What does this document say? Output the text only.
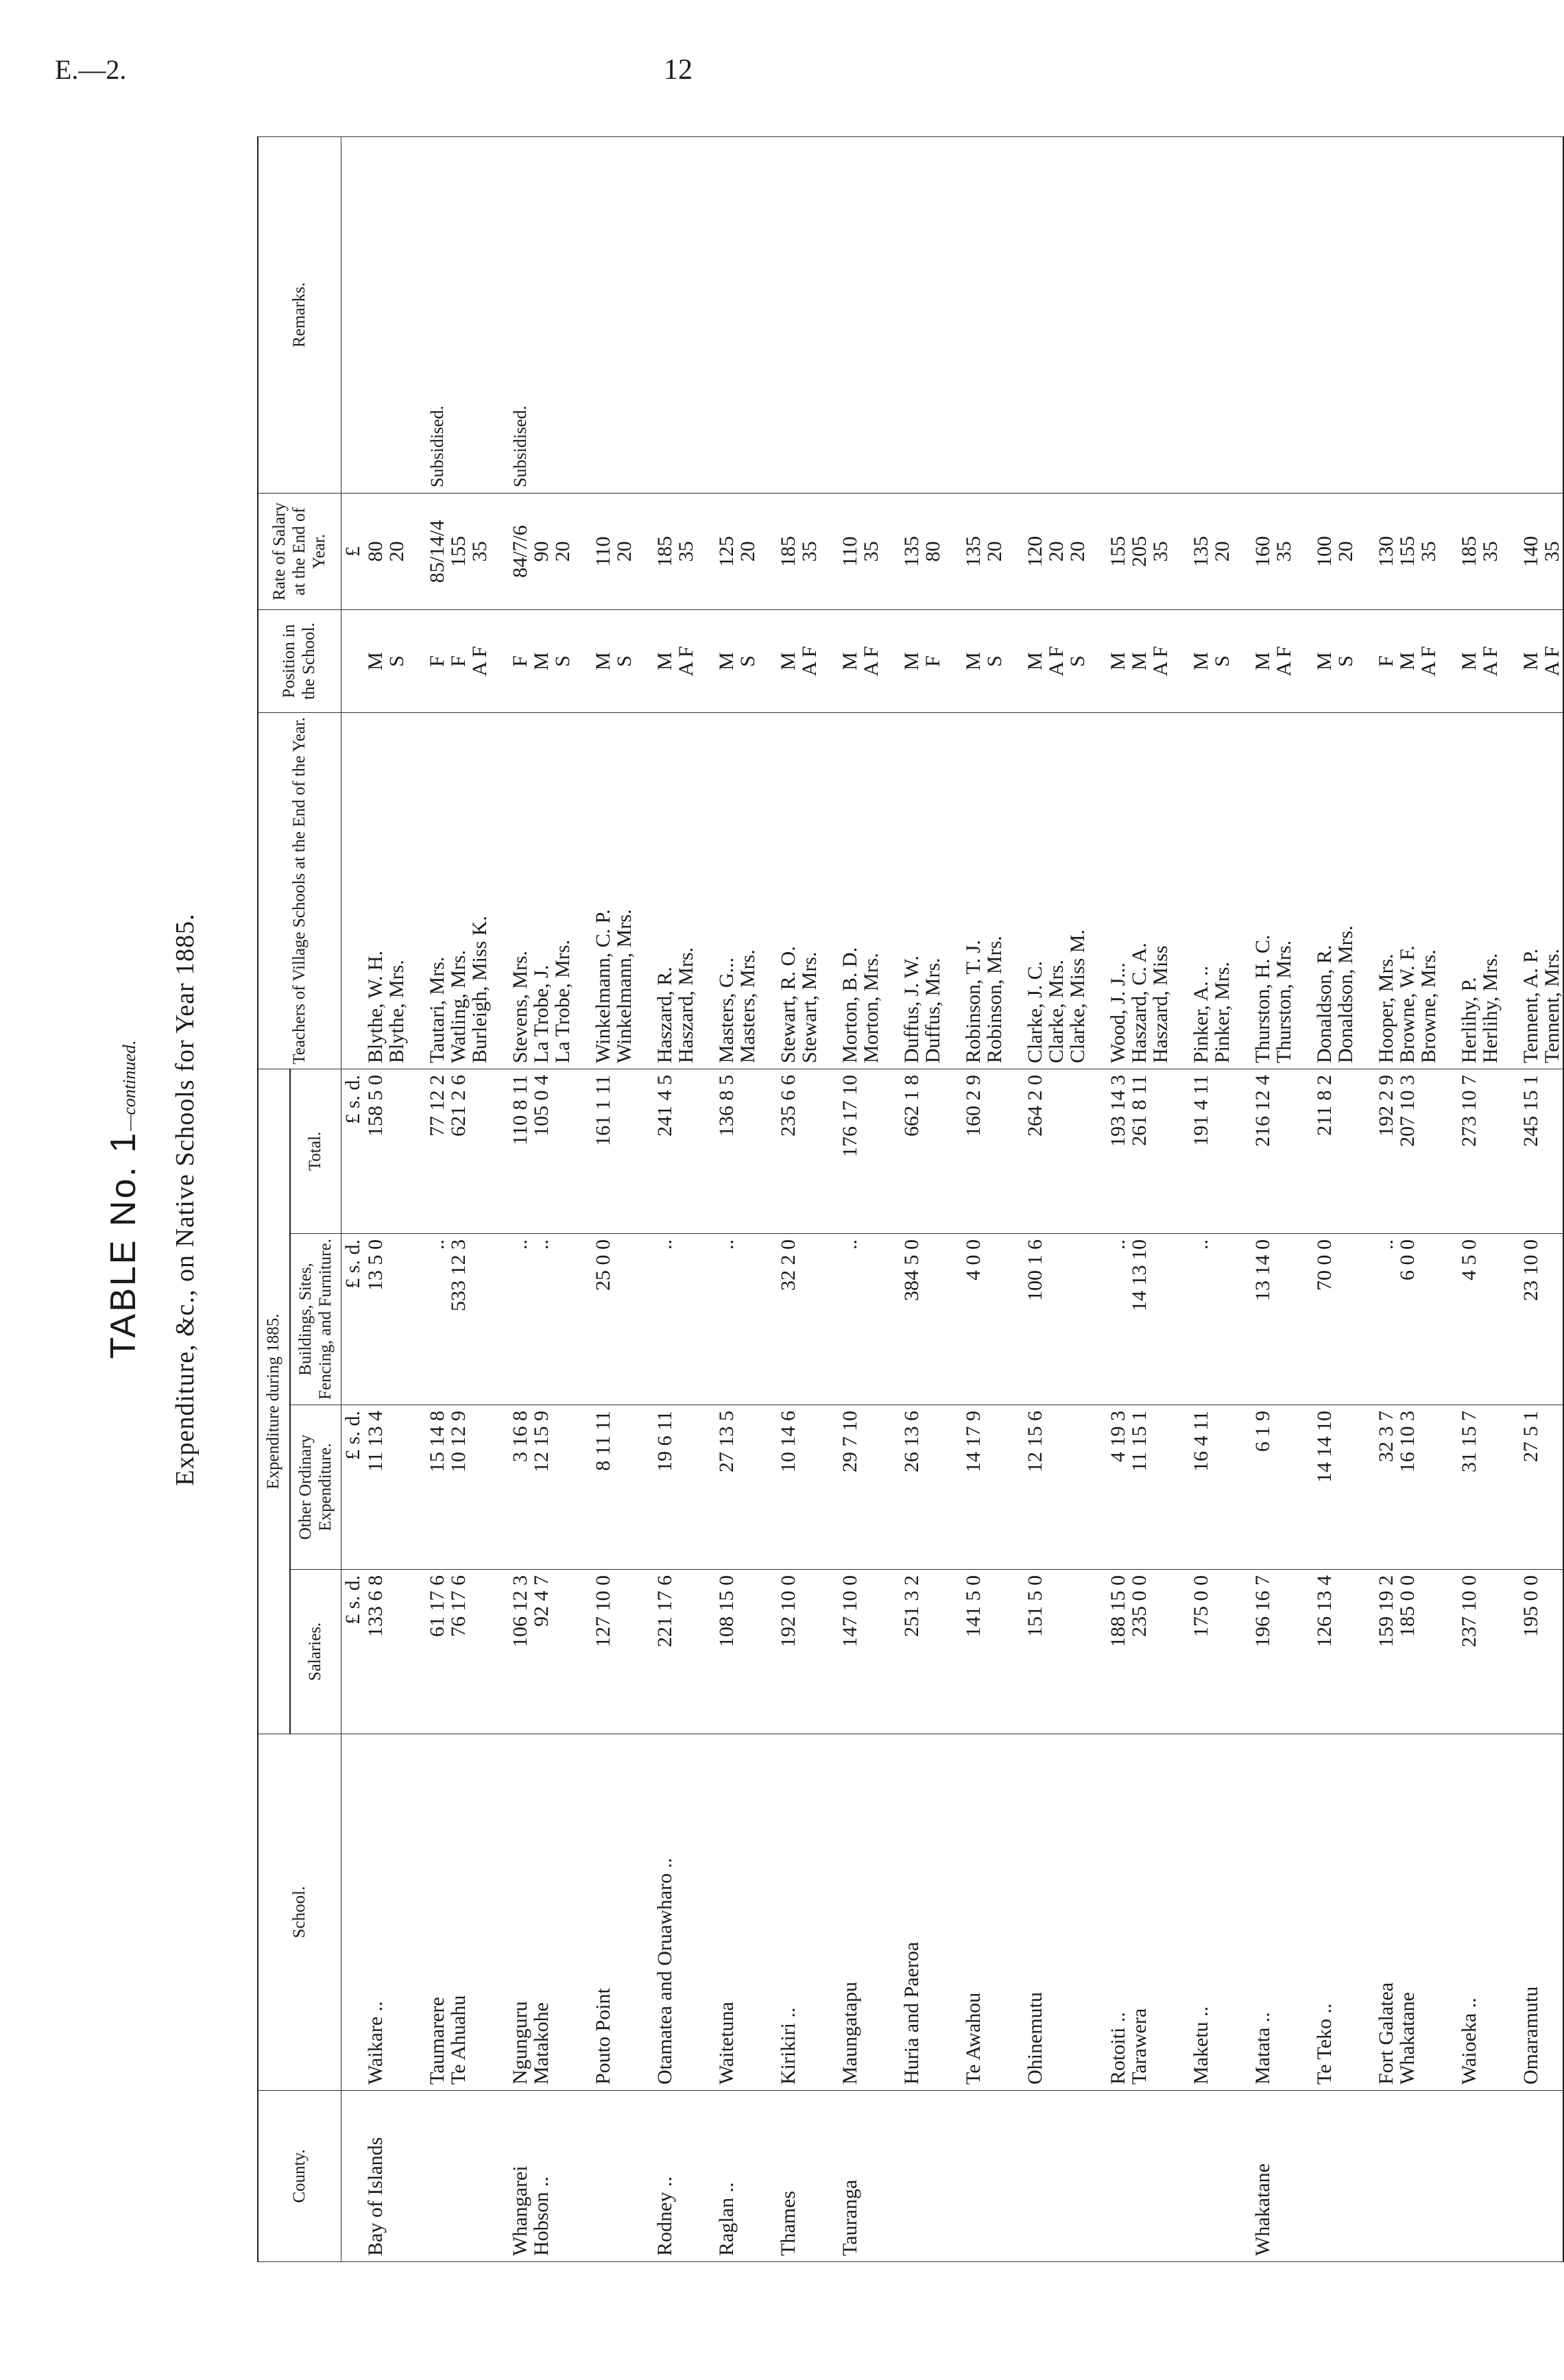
E.—2.	12
TABLE No. 1—continued. Expenditure, &c., on Native Schools for Year 1885.
County.	School.	Expenditure during 1885.				Teachers of Village Schools at the End of the Year.	Position in the School.	Rate of Salary at the End of Year.	Remarks.
		Salaries.	Other Ordinary Expenditure.	Buildings, Sites, Fencing, and Furniture.	Total.				
		£ s. d.	£ s. d.	£ s. d.	£ s. d.			£	
Bay of Islands	Waikare ..	133 6 8	11 13 4	13 5 0	158 5 0	Blythe, W. H.	M	80	
						Blythe, Mrs.	S	20	

	Taumarere	61 17 6	15 14 8	..	77 12 2	Tautari, Mrs.	F	85/14/4	Subsidised.
	Te Ahuahu	76 17 6	10 12 9	533 12 3	621 2 6	Watling, Mrs.	F	155	
						Burleigh, Miss K.	A F	35	

Whangarei	Ngunguru	106 12 3	3 16 8	..	110 8 11	Stevens, Mrs.	F	84/7/6	Subsidised.
Hobson ..	Matakohe	92 4 7	12 15 9	..	105 0 4	La Trobe, J.	M	90	
						La Trobe, Mrs.	S	20	

	Pouto Point	127 10 0	8 11 11	25 0 0	161 1 11	Winkelmann, C. P.	M	110	
						Winkelmann, Mrs.	S	20	

Rodney ..	Otamatea and Oruawharo ..	221 17 6	19 6 11	..	241 4 5	Haszard, R.	M	185	
						Haszard, Mrs.	A F	35	

Raglan ..	Waitetuna	108 15 0	27 13 5	..	136 8 5	Masters, G...	M	125	
						Masters, Mrs.	S	20	

Thames	Kirikiri ..	192 10 0	10 14 6	32 2 0	235 6 6	Stewart, R. O.	M	185	
						Stewart, Mrs.	A F	35	

Tauranga	Maungatapu	147 10 0	29 7 10	..	176 17 10	Morton, B. D.	M	110	
						Morton, Mrs.	A F	35	

	Huria and Paeroa	251 3 2	26 13 6	384 5 0	662 1 8	Duffus, J. W.	M	135	
						Duffus, Mrs.	F	80	

	Te Awahou	141 5 0	14 17 9	4 0 0	160 2 9	Robinson, T. J.	M	135	
						Robinson, Mrs.	S	20	

	Ohinemutu	151 5 0	12 15 6	100 1 6	264 2 0	Clarke, J. C.	M	120	
						Clarke, Mrs.	A F	20	
						Clarke, Miss M.	S	20	

	Rotoiti ..	188 15 0	4 19 3	..	193 14 3	Wood, J. J...	M	155	
	Tarawera	235 0 0	11 15 1	14 13 10	261 8 11	Haszard, C. A.	M	205	
						Haszard, Miss	A F	35	

	Maketu ..	175 0 0	16 4 11	..	191 4 11	Pinker, A. ..	M	135	
						Pinker, Mrs.	S	20	

Whakatane	Matata ..	196 16 7	6 1 9	13 14 0	216 12 4	Thurston, H. C.	M	160	
						Thurston, Mrs.	A F	35	

	Te Teko ..	126 13 4	14 14 10	70 0 0	211 8 2	Donaldson, R.	M	100	
						Donaldson, Mrs.	S	20	

	Fort Galatea	159 19 2	32 3 7	..	192 2 9	Hooper, Mrs.	F	130	
	Whakatane	185 0 0	16 10 3	6 0 0	207 10 3	Browne, W. F.	M	155	
						Browne, Mrs.	A F	35	

	Waioeka ..	237 10 0	31 15 7	4 5 0	273 10 7	Herlihy, P.	M	185	
						Herlihy, Mrs.	A F	35	

	Omaramutu	195 0 0	27 5 1	23 10 0	245 15 1	Tennent, A. P.	M	140	
						Tennent, Mrs.	A F	35	
